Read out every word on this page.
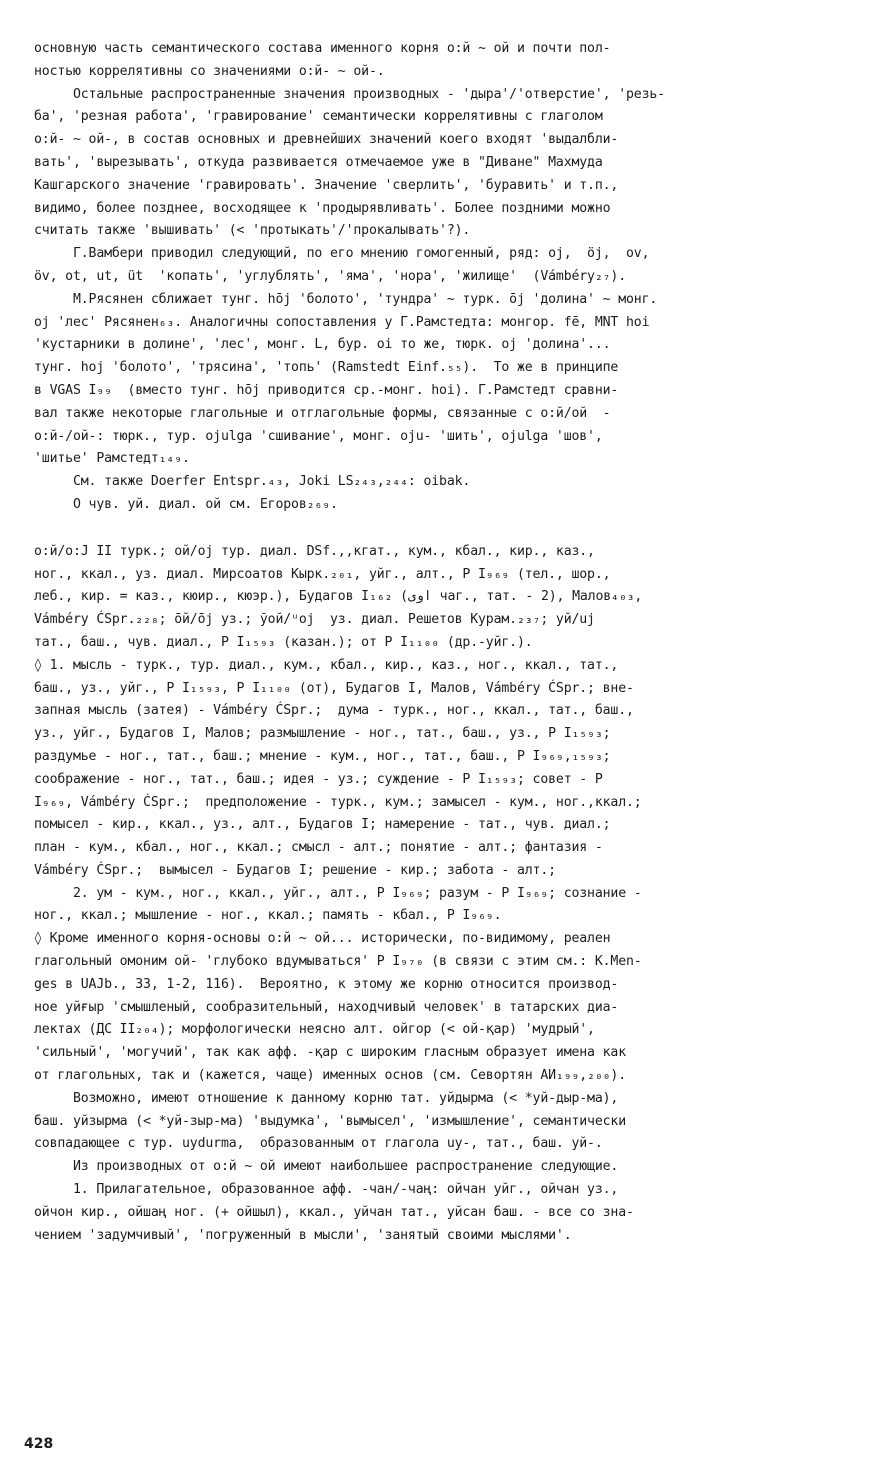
основную часть семантического состава именного корня о:й ~ ой и почти пол-
ностью коррелятивны со значениями о:й- ~ ой-.
Остальные распространенные значения производных - 'дыра'/'отверстие', 'резь-
ба', 'резная работа', 'гравирование' семантически коррелятивны с глаголом
о:й- ~ ой-, в состав основных и древнейших значений коего входят 'выдалбли-
вать', 'вырезывать', откуда развивается отмечаемое уже в "Диване" Махмуда
Кашгарского значение 'гравировать'. Значение 'сверлить', 'буравить' и т.п.,
видимо, более позднее, восходящее к 'продырявливать'. Более поздними можно
считать также 'вышивать' (< 'протыкать'/'прокалывать'?).
Г.Вамбери приводил следующий, по его мнению гомогенный, ряд: oj,  öj,  ov,
öv, ot, ut, üt  'копать', 'углублять', 'яма', 'нора', 'жилище'  (Vámbéry₂₇).
М.Рясянен сближает тунг. hōj 'болото', 'тундра' ~ турк. ōj 'долина' ~ монг.
oj 'лес' Рясянен₆₃. Аналогичны сопоставления у Г.Рамстедта: монгор. fē, MNT hoi
'кустарники в долине', 'лес', монг. L, бур. oi то же, тюрк. oj 'долина'...
тунг. hoj 'болото', 'трясина', 'топь' (Ramstedt Einf.₅₅).  То же в принципе
в VGAS I₉₉  (вместо тунг. hōj приводится ср.-монг. hoi). Г.Рамстедт сравни-
вал также некоторые глагольные и отглагольные формы, связанные с о:й/ой  -
о:й-/ой-: тюрк., тур. ojulga 'сшивание', монг. oju- 'шить', ojulga 'шов',
'шитье' Рамстедт₁₄₉.
См. также Doerfer Entspr.₄₃, Joki LS₂₄₃,₂₄₄: oibak.
О чув. уй. диал. ой см. Егоров₂₆₉.
о:й/о:J II турк.; ой/oj тур. диал. DSf.,,кгат., кум., кбал., кир., каз.,
ног., ккал., уз. диал. Мирсоатов Кырк.₂₀₁, уйг., алт., Р I₉₆₉ (тел., шор.,
леб., кир. = каз., кюир., кюэр.), Будагов I₁₆₂ (اوى чаг., тат. - 2), Малов₄₀₃,
Vámbéry ĆSpr.₂₂₈; ōй/ōj уз.; ўой/ᵘoj  уз. диал. Решетов Курам.₂₃₇; уй/uj
тат., баш., чув. диал., Р I₁₅₉₃ (казан.); от Р I₁₁₀₀ (др.-уйг.).
◊ 1. мысль - турк., тур. диал., кум., кбал., кир., каз., ног., ккал., тат.,
баш., уз., уйг., Р I₁₅₉₃, Р I₁₁₀₀ (от), Будагов I, Малов, Vámbéry ĆSpr.; вне-
запная мысль (затея) - Vámbéry ĆSpr.;  дума - турк., ног., ккал., тат., баш.,
уз., уйг., Будагов I, Малов; размышление - ног., тат., баш., уз., Р I₁₅₉₃;
раздумье - ног., тат., баш.; мнение - кум., ног., тат., баш., Р I₉₆₉,₁₅₉₃;
соображение - ног., тат., баш.; идея - уз.; суждение - Р I₁₅₉₃; совет - Р
I₉₆₉, Vámbéry ĆSpr.;  предположение - турк., кум.; замысел - кум., ног.,ккал.;
помысел - кир., ккал., уз., алт., Будагов I; намерение - тат., чув. диал.;
план - кум., кбал., ног., ккал.; смысл - алт.; понятие - алт.; фантазия -
Vámbéry ĆSpr.;  вымысел - Будагов I; решение - кир.; забота - алт.;
2. ум - кум., ног., ккал., уйг., алт., Р I₉₆₉; разум - Р I₉₆₉; сознание -
ног., ккал.; мышление - ног., ккал.; память - кбал., Р I₉₆₉.
◊ Кроме именного корня-основы о:й ~ ой... исторически, по-видимому, реален
глагольный омоним ой- 'глубоко вдумываться' Р I₉₇₀ (в связи с этим см.: K.Men-
ges в UAJb., 33, 1-2, 116).  Вероятно, к этому же корню относится производ-
ное уйғыр 'смышленый, сообразительный, находчивый человек' в татарских диа-
лектах (ДС II₂₀₄); морфологически неясно алт. ойгор (< ой-қар) 'мудрый',
'сильный', 'могучий', так как афф. -қар с широким гласным образует имена как
от глагольных, так и (кажется, чаще) именных основ (см. Севортян АИ₁₉₉,₂₀₀).
Возможно, имеют отношение к данному корню тат. уйдырма (< *уй-дыр-ма),
баш. уйзырма (< *уй-зыр-ма) 'выдумка', 'вымысел', 'измышление', семантически
совпадающее с тур. uydurma,  образованным от глагола uy-, тат., баш. уй-.
Из производных от о:й ~ ой имеют наибольшее распространение следующие.
1. Прилагательное, образованное афф. -чан/-чаң: ойчан уйг., ойчан уз.,
ойчон кир., ойшаң ног. (+ ойшыл), ккал., уйчан тат., уйсан баш. - все со зна-
чением 'задумчивый', 'погруженный в мысли', 'занятый своими мыслями'.
428
